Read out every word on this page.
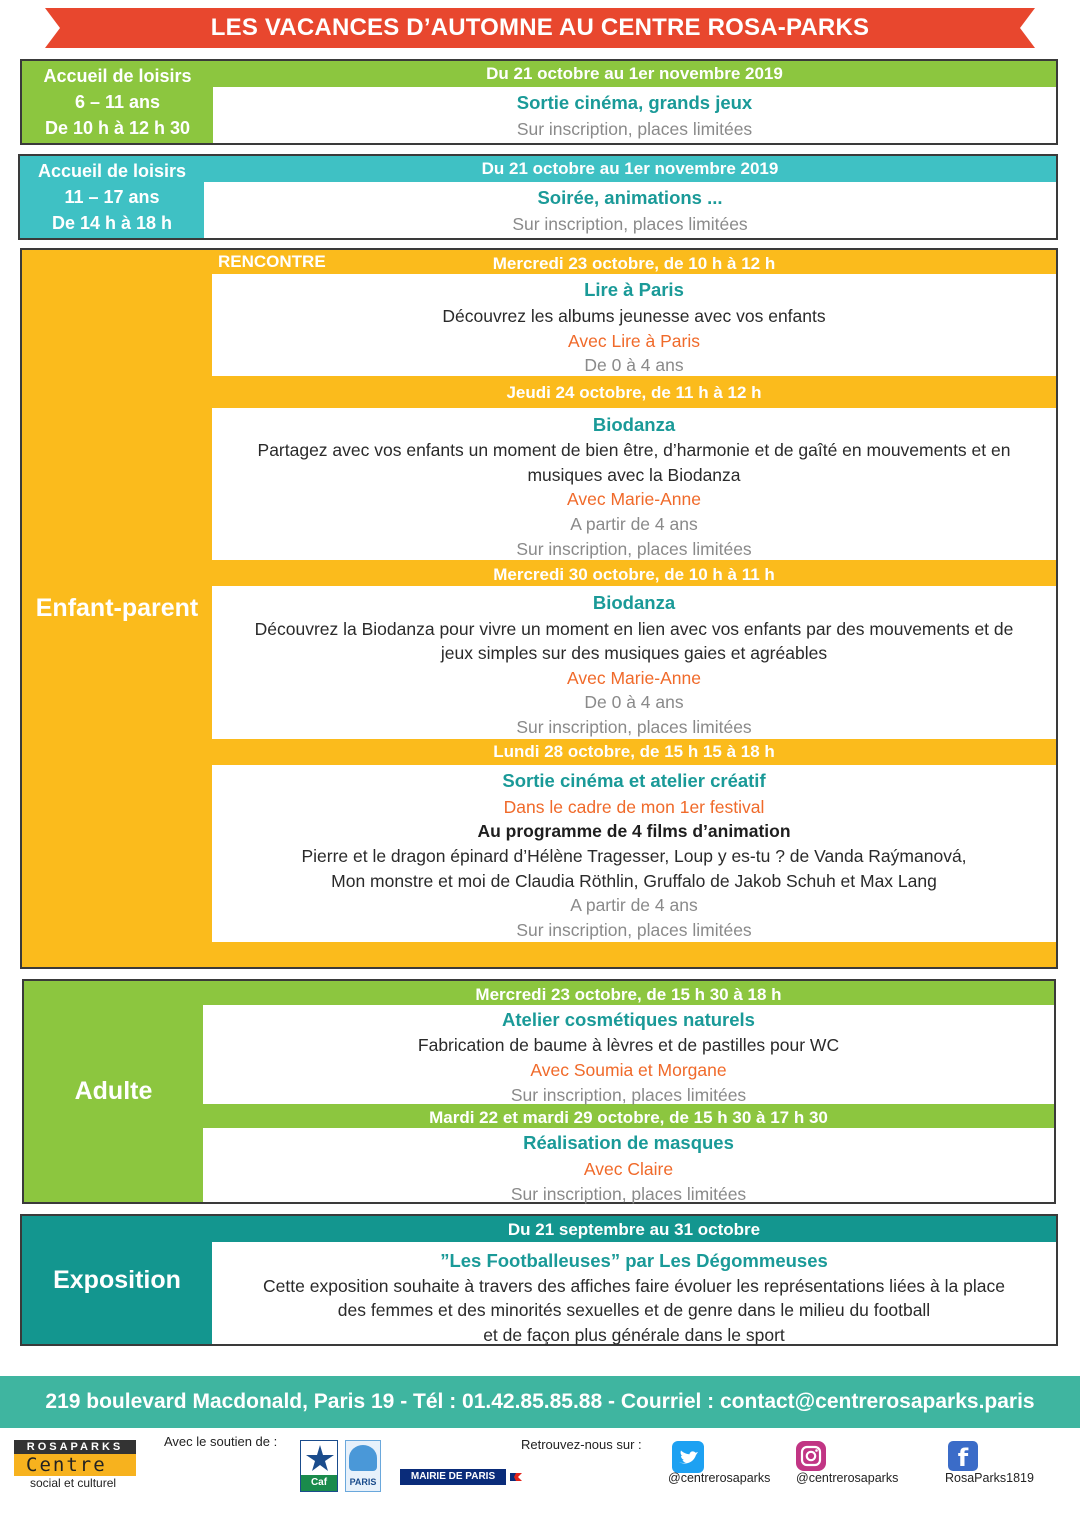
LES VACANCES D’AUTOMNE AU CENTRE ROSA-PARKS
Accueil de loisirs
6 – 11 ans
De 10 h à 12 h 30
Du 21 octobre au 1er novembre 2019
Sortie cinéma, grands jeux
Sur inscription, places limitées
Accueil de loisirs
11 – 17 ans
De 14 h à 18 h
Du 21 octobre au 1er novembre 2019
Soirée, animations ...
Sur inscription, places limitées
Enfant-parent
RENCONTRE	Mercredi 23 octobre, de 10 h à 12 h
Lire à Paris
Découvrez les albums jeunesse avec vos enfants
Avec Lire à Paris
De 0 à 4 ans
Jeudi 24 octobre, de 11 h à 12 h
Biodanza
Partagez avec vos enfants un moment de bien être, d’harmonie et de gaîté en mouvements et en
musiques avec la Biodanza
Avec Marie-Anne
A partir de 4 ans
Sur inscription, places limitées
Mercredi 30 octobre, de 10 h à 11 h
Biodanza
Découvrez la Biodanza pour vivre un moment en lien avec vos enfants par des mouvements et de
jeux simples sur des musiques gaies et agréables
Avec Marie-Anne
De 0 à 4 ans
Sur inscription, places limitées
Lundi 28 octobre, de 15 h 15 à 18 h
Sortie cinéma et atelier créatif
Dans le cadre de mon 1er festival
Au programme de 4 films d’animation
Pierre et le dragon épinard d’Hélène Tragesser, Loup y es-tu ? de Vanda Raýmanová,
Mon monstre et moi de Claudia Röthlin, Gruffalo de Jakob Schuh et Max Lang
A partir de 4 ans
Sur inscription, places limitées
Adulte
Mercredi 23 octobre, de 15 h 30 à 18 h
Atelier cosmétiques naturels
Fabrication de baume à lèvres et de pastilles pour WC
Avec Soumia et Morgane
Sur inscription, places limitées
Mardi 22 et mardi 29 octobre, de 15 h 30 à 17 h 30
Réalisation de masques
Avec Claire
Sur inscription, places limitées
Exposition
Du 21 septembre au 31 octobre
”Les Footballeuses” par Les Dégommeuses
Cette exposition souhaite à travers des affiches faire évoluer les représentations liées à la place
des femmes et des minorités sexuelles et de genre dans le milieu du football
et de façon plus générale dans le sport
219 boulevard Macdonald, Paris 19 - Tél : 01.42.85.85.88 - Courriel : contact@centrerosaparks.paris
ROSAPARKS
Centre
social et culturel
Avec le soutien de :
Caf	PARIS	MAIRIE DE PARIS
Retrouvez-nous sur :
@centrerosaparks @centrerosaparks
f
RosaParks1819
